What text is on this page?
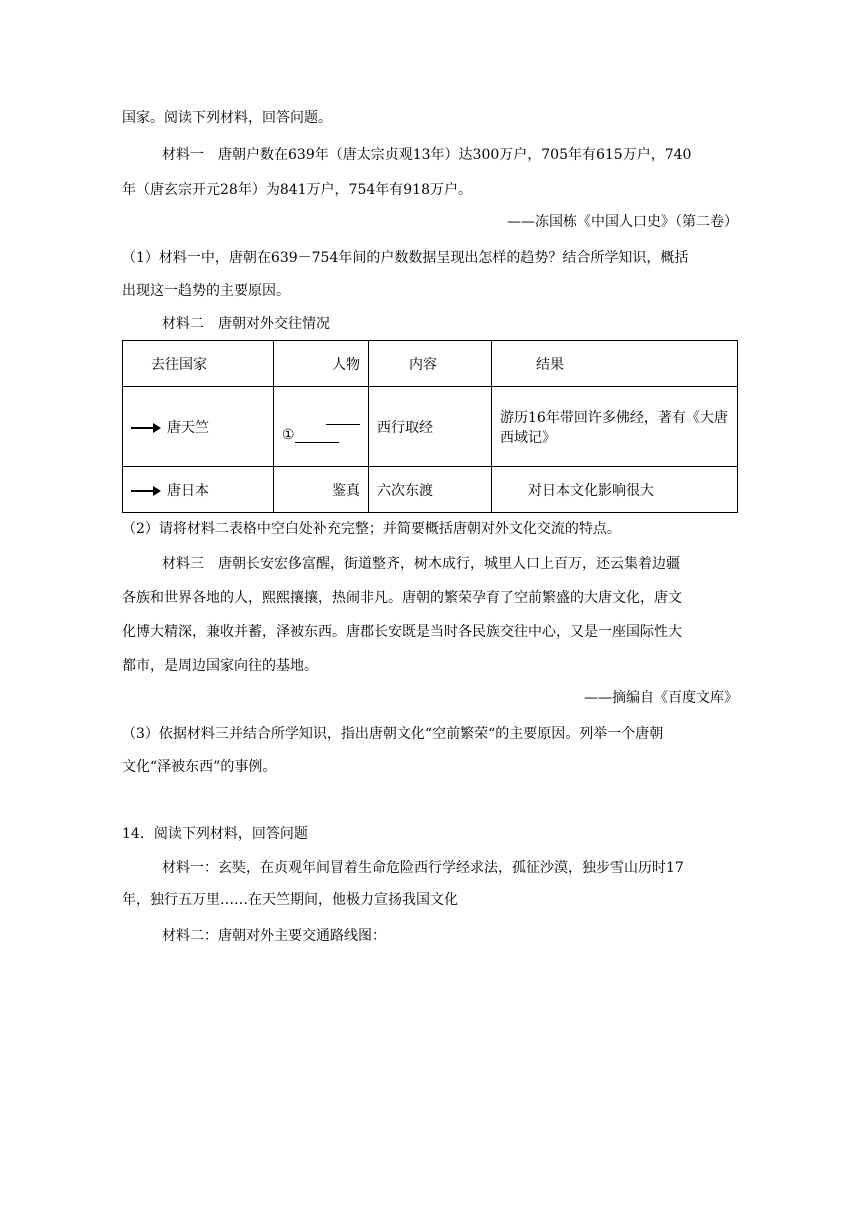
国家。阅读下列材料，回答问题。
材料一　唐朝户数在639年（唐太宗贞观13年）达300万户，705年有615万户，740
年（唐玄宗开元28年）为841万户，754年有918万户。
——冻国栋《中国人口史》（第二卷）
（1）材料一中，唐朝在639－754年间的户数数据呈现出怎样的趋势？结合所学知识，概括
出现这一趋势的主要原因。
材料二　唐朝对外交往情况
去往国家	人物	内容	结果
唐天竺	①	西行取经	游历16年带回许多佛经，著有《大唐西域记》
唐日本	鉴真	六次东渡	对日本文化影响很大
（2）请将材料二表格中空白处补充完整；并简要概括唐朝对外文化交流的特点。
材料三　唐朝长安宏侈富醒，街道整齐，树木成行，城里人口上百万，还云集着边疆
各族和世界各地的人，熙熙攘攘，热闹非凡。唐朝的繁荣孕育了空前繁盛的大唐文化，唐文
化博大精深，兼收并蓄，泽被东西。唐郡长安既是当时各民族交往中心，又是一座国际性大
都市，是周边国家向往的基地。
——摘编自《百度文库》
（3）依据材料三并结合所学知识，指出唐朝文化“空前繁荣“的主要原因。列举一个唐朝
文化“泽被东西”的事例。
14．阅读下列材料，回答问题
材料一：玄奘，在贞观年间冒着生命危险西行学经求法，孤征沙漠，独步雪山历时17
年，独行五万里……在天竺期间，他极力宣扬我国文化
材料二：唐朝对外主要交通路线图：
